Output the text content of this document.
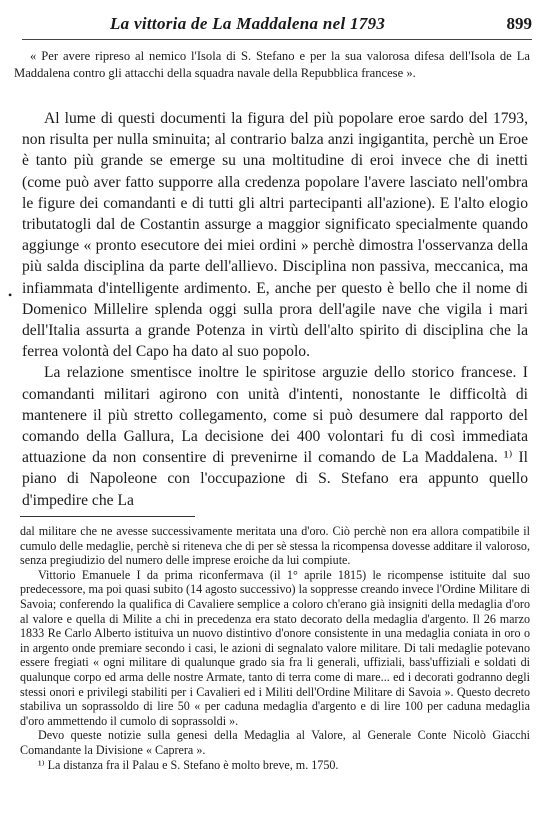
La vittoria de La Maddalena nel 1793	899

« Per avere ripreso al nemico l'Isola di S. Stefano e per la sua valorosa difesa dell'Isola de La Maddalena contro gli attacchi della squadra navale della Repubblica francese ».

Al lume di questi documenti la figura del più popolare eroe sardo del 1793, non risulta per nulla sminuita; al contrario balza anzi ingigantita, perchè un Eroe è tanto più grande se emerge su una moltitudine di eroi invece che di inetti (come può aver fatto supporre alla credenza popolare l'avere lasciato nell'ombra le figure dei comandanti e di tutti gli altri partecipanti all'azione). E l'alto elogio tributatogli dal de Costantin assurge a maggior significato specialmente quando aggiunge « pronto esecutore dei miei ordini » perchè dimostra l'osservanza della più salda disciplina da parte dell'allievo. Disciplina non passiva, meccanica, ma infiammata d'intelligente ardimento. E, anche per questo è bello che il nome di Domenico Millelire splenda oggi sulla prora dell'agile nave che vigila i mari dell'Italia assurta a grande Potenza in virtù dell'alto spirito di disciplina che la ferrea volontà del Capo ha dato al suo popolo.

La relazione smentisce inoltre le spiritose arguzie dello storico francese. I comandanti militari agirono con unità d'intenti, nonostante le difficoltà di mantenere il più stretto collegamento, come si può desumere dal rapporto del comando della Gallura, La decisione dei 400 volontari fu di così immediata attuazione da non consentire di prevenirne il comando de La Maddalena. ¹⁾ Il piano di Napoleone con l'occupazione di S. Stefano era appunto quello d'impedire che La

•

dal militare che ne avesse successivamente meritata una d'oro. Ciò perchè non era allora compatibile il cumulo delle medaglie, perchè si riteneva che di per sè stessa la ricompensa dovesse additare il valoroso, senza pregiudizio del numero delle imprese eroiche da lui compiute.

Vittorio Emanuele I da prima riconfermava (il 1° aprile 1815) le ricompense istituite dal suo predecessore, ma poi quasi subito (14 agosto successivo) la soppresse creando invece l'Ordine Militare di Savoia; conferendo la qualifica di Cavaliere semplice a coloro ch'erano già insigniti della medaglia d'oro al valore e quella di Milite a chi in precedenza era stato decorato della medaglia d'argento. Il 26 marzo 1833 Re Carlo Alberto istituiva un nuovo distintivo d'onore consistente in una medaglia coniata in oro o in argento onde premiare secondo i casi, le azioni di segnalato valore militare. Di tali medaglie potevano essere fregiati « ogni militare di qualunque grado sia fra li generali, uffiziali, bass'uffiziali e soldati di qualunque corpo ed arma delle nostre Armate, tanto di terra come di mare... ed i decorati godranno degli stessi onori e privilegi stabiliti per i Cavalieri ed i Militi dell'Ordine Militare di Savoia ». Questo decreto stabiliva un soprassoldo di lire 50 « per caduna medaglia d'argento e di lire 100 per caduna medaglia d'oro ammettendo il cumolo di soprassoldi ».

Devo queste notizie sulla genesi della Medaglia al Valore, al Generale Conte Nicolò Giacchi Comandante la Divisione « Caprera ».

¹⁾ La distanza fra il Palau e S. Stefano è molto breve, m. 1750.
